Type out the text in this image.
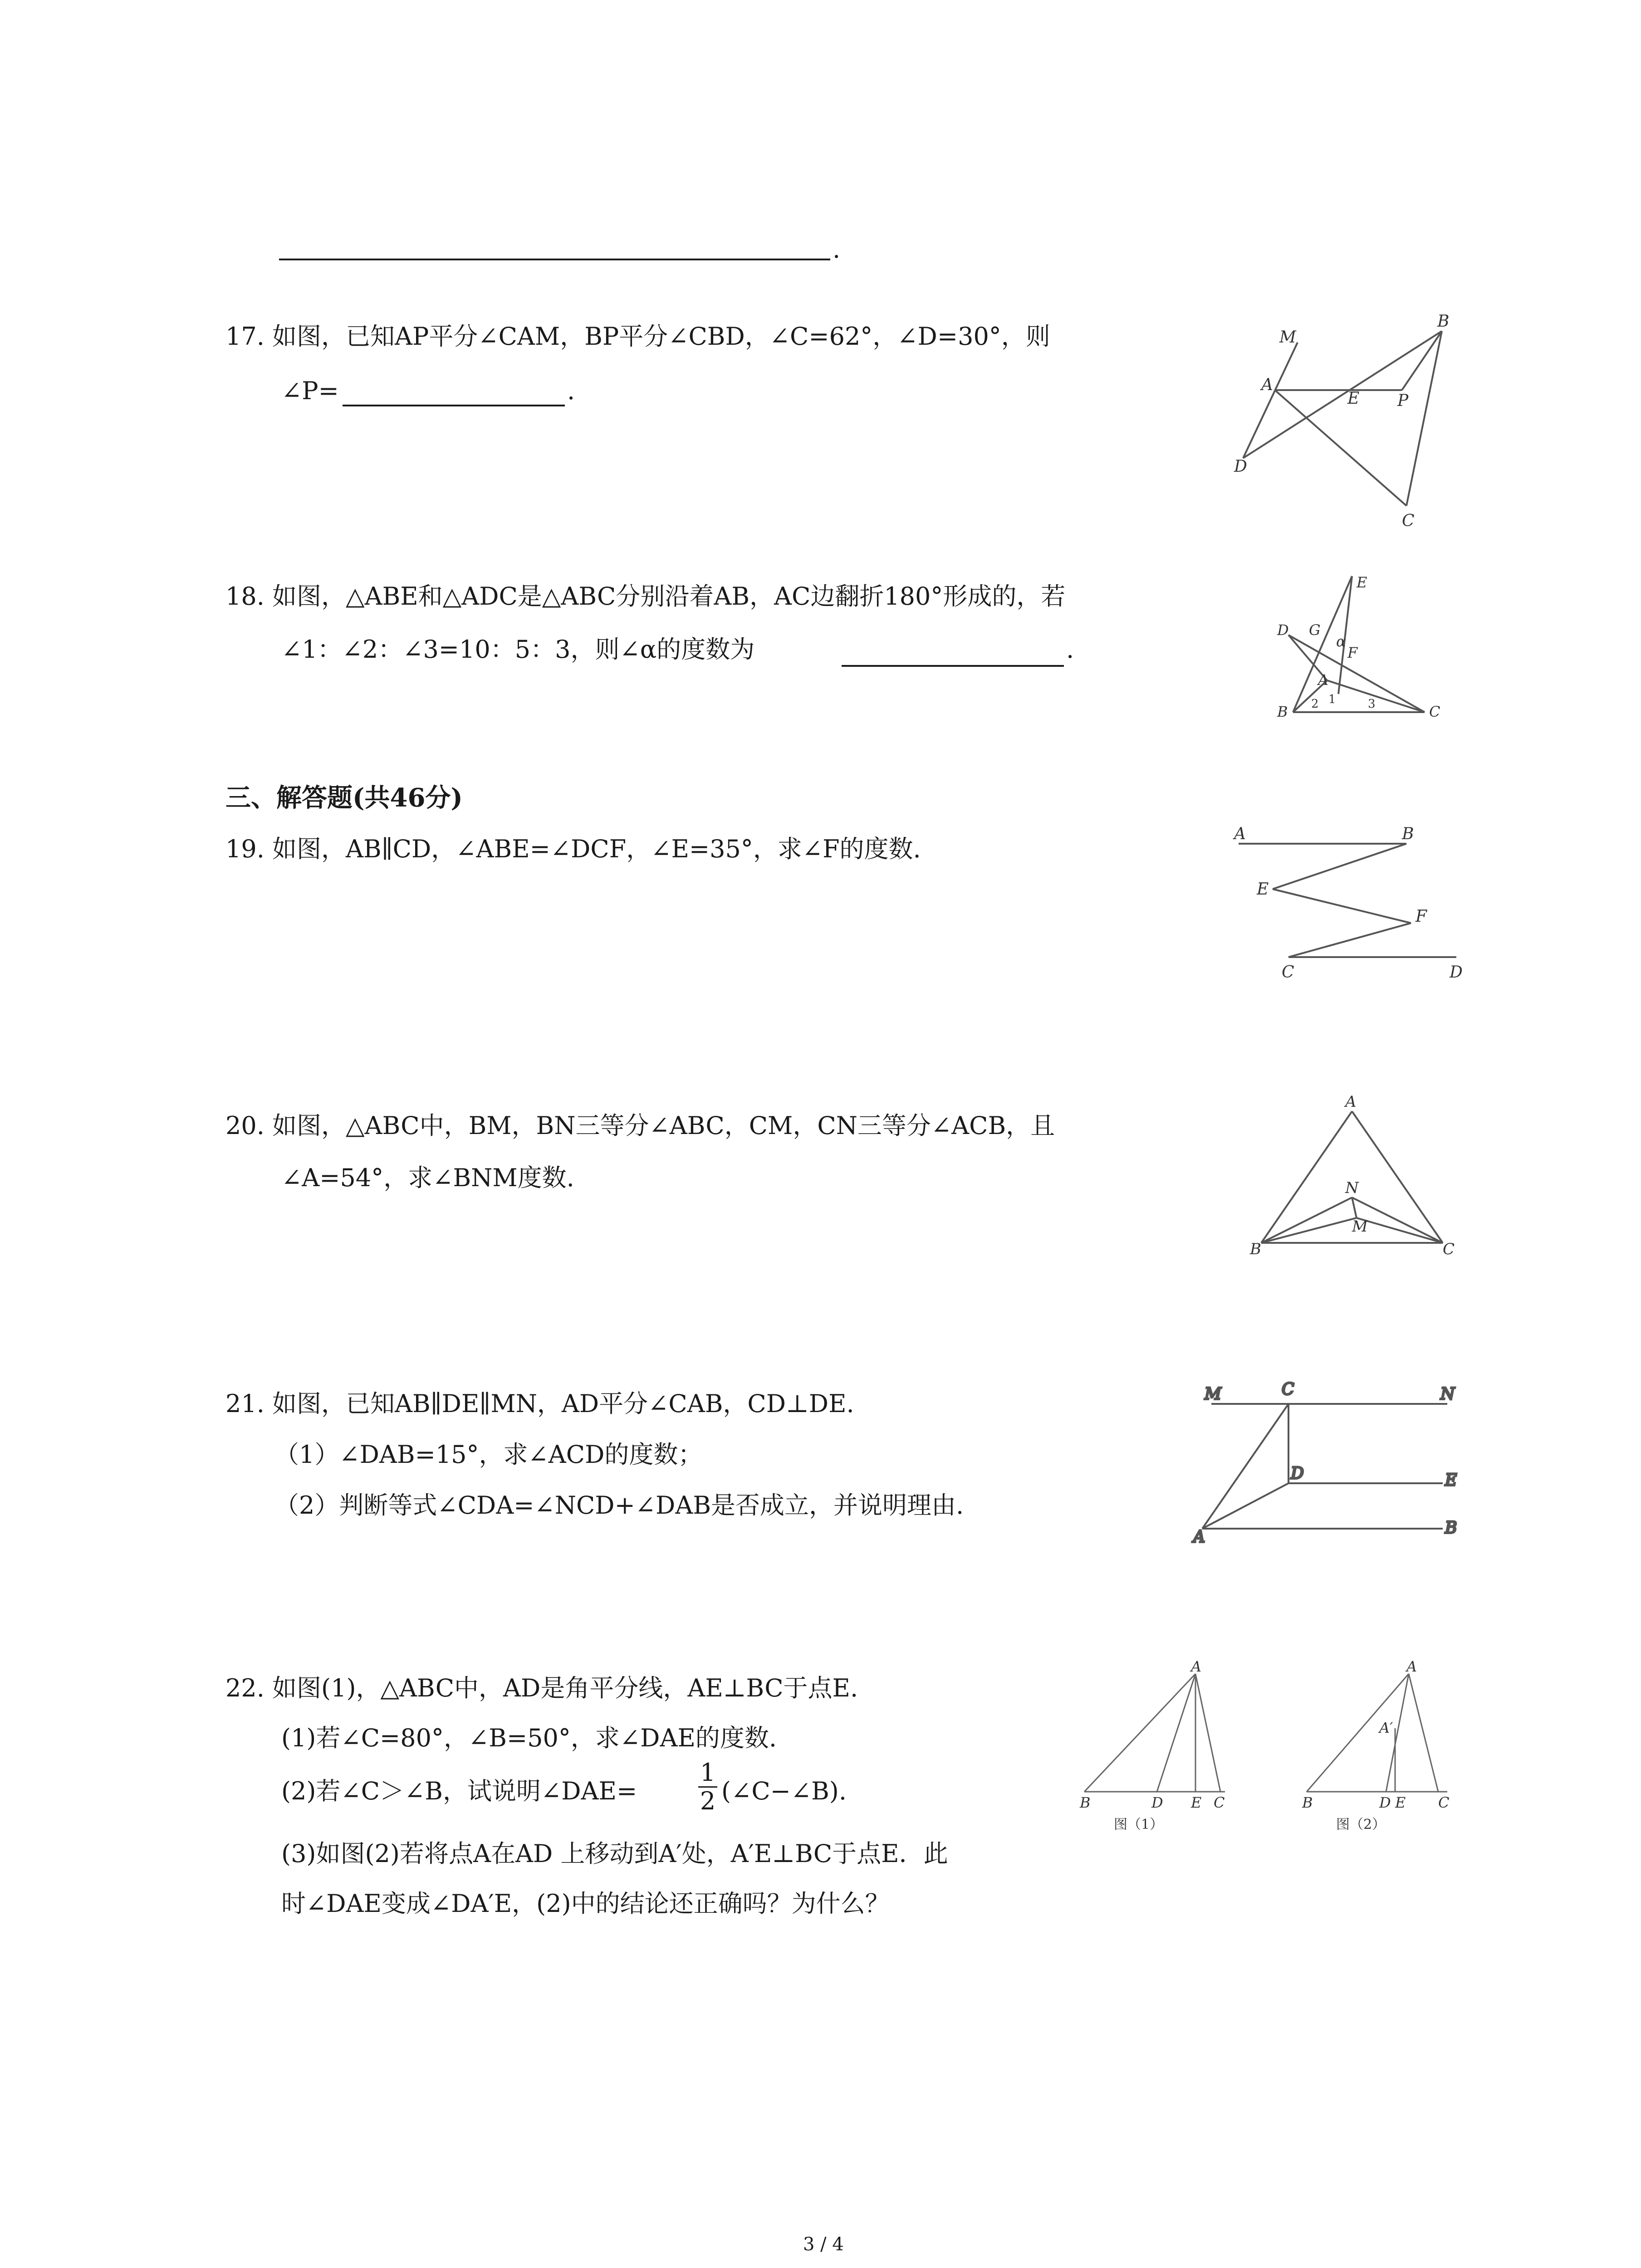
.
17. 如图，已知AP平分∠CAM，BP平分∠CBD，∠C=62°，∠D=30°，则
∠P=	.
M
B
A
E P
D
C
18. 如图，△ABE和△ADC是△ABC分别沿着AB，AC边翻折180°形成的，若
∠1：∠2：∠3=10：5：3，则∠α的度数为	.
E
D G
α
F
A
B	C
2 1	3
三、解答题(共46分)
19. 如图，AB∥CD，∠ABE=∠DCF，∠E=35°，求∠F的度数.
A	B
E
F
C	D
20. 如图，△ABC中，BM，BN三等分∠ABC，CM，CN三等分∠ACB，且
∠A=54°，求∠BNM度数.
A
N
M
B	C
21. 如图，已知AB∥DE∥MN，AD平分∠CAB，CD⊥DE.
（1）∠DAB=15°，求∠ACD的度数；
（2）判断等式∠CDA=∠NCD+∠DAB是否成立，并说明理由.
M	C	N
D	E
A	B
22. 如图(1)，△ABC中，AD是角平分线，AE⊥BC于点E.
(1)若∠C=80°，∠B=50°，求∠DAE的度数.
(2)若∠C＞∠B，试说明∠DAE=
1
2 (∠C−∠B).
(3)如图(2)若将点A在AD 上移动到A′处，A′E⊥BC于点E．此
时∠DAE变成∠DA′E，(2)中的结论还正确吗？为什么？
A
B	D E C
图（1）
A
A′
B	D E C
图（2）
3 / 4
